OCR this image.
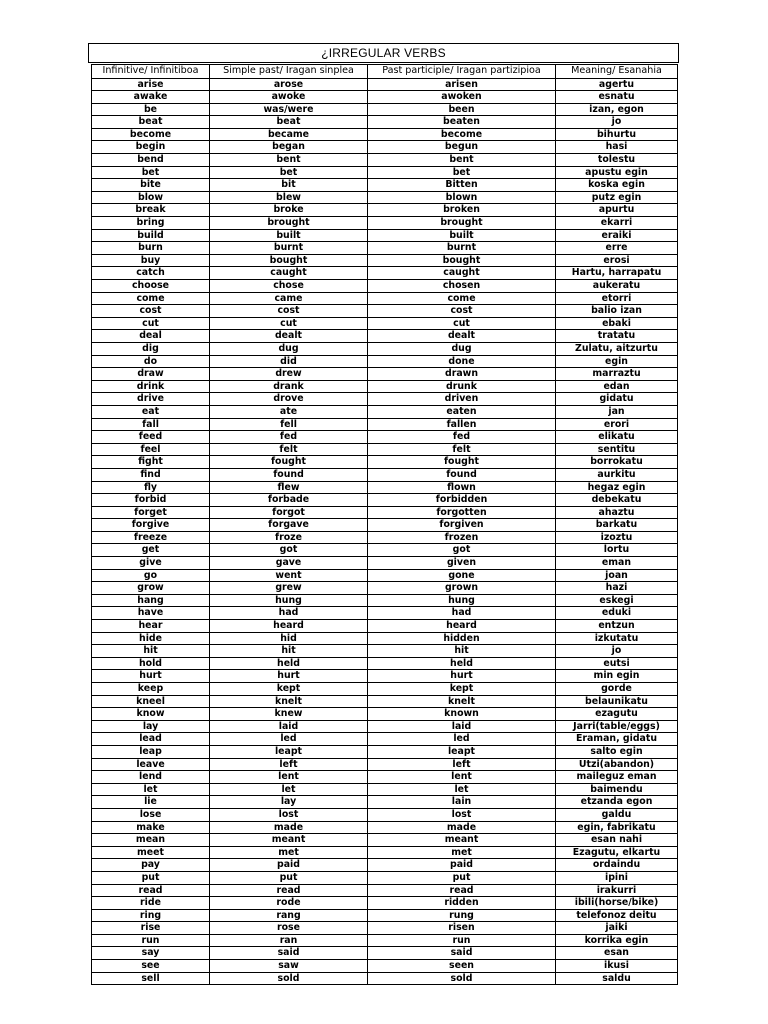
¿IRREGULAR VERBS
Infinitive/ Infinitiboa	Simple past/ Iragan sinplea	Past participle/ Iragan partizipioa	Meaning/ Esanahia
arise	arose	arisen	agertu
awake	awoke	awoken	esnatu
be	was/were	been	izan, egon
beat	beat	beaten	jo
become	became	become	bihurtu
begin	began	begun	hasi
bend	bent	bent	tolestu
bet	bet	bet	apustu egin
bite	bit	Bitten	koska egin
blow	blew	blown	putz egin
break	broke	broken	apurtu
bring	brought	brought	ekarri
build	built	built	eraiki
burn	burnt	burnt	erre
buy	bought	bought	erosi
catch	caught	caught	Hartu, harrapatu
choose	chose	chosen	aukeratu
come	came	come	etorri
cost	cost	cost	balio izan
cut	cut	cut	ebaki
deal	dealt	dealt	tratatu
dig	dug	dug	Zulatu, aitzurtu
do	did	done	egin
draw	drew	drawn	marraztu
drink	drank	drunk	edan
drive	drove	driven	gidatu
eat	ate	eaten	jan
fall	fell	fallen	erori
feed	fed	fed	elikatu
feel	felt	felt	sentitu
fight	fought	fought	borrokatu
find	found	found	aurkitu
fly	flew	flown	hegaz egin
forbid	forbade	forbidden	debekatu
forget	forgot	forgotten	ahaztu
forgive	forgave	forgiven	barkatu
freeze	froze	frozen	izoztu
get	got	got	lortu
give	gave	given	eman
go	went	gone	joan
grow	grew	grown	hazi
hang	hung	hung	eskegi
have	had	had	eduki
hear	heard	heard	entzun
hide	hid	hidden	izkutatu
hit	hit	hit	jo
hold	held	held	eutsi
hurt	hurt	hurt	min egin
keep	kept	kept	gorde
kneel	knelt	knelt	belaunikatu
know	knew	known	ezagutu
lay	laid	laid	Jarri(table/eggs)
lead	led	led	Eraman, gidatu
leap	leapt	leapt	salto egin
leave	left	left	Utzi(abandon)
lend	lent	lent	maileguz eman
let	let	let	baimendu
lie	lay	lain	etzanda egon
lose	lost	lost	galdu
make	made	made	egin, fabrikatu
mean	meant	meant	esan nahi
meet	met	met	Ezagutu, elkartu
pay	paid	paid	ordaindu
put	put	put	ipini
read	read	read	irakurri
ride	rode	ridden	ibili(horse/bike)
ring	rang	rung	telefonoz deitu
rise	rose	risen	jaiki
run	ran	run	korrika egin
say	said	said	esan
see	saw	seen	ikusi
sell	sold	sold	saldu
